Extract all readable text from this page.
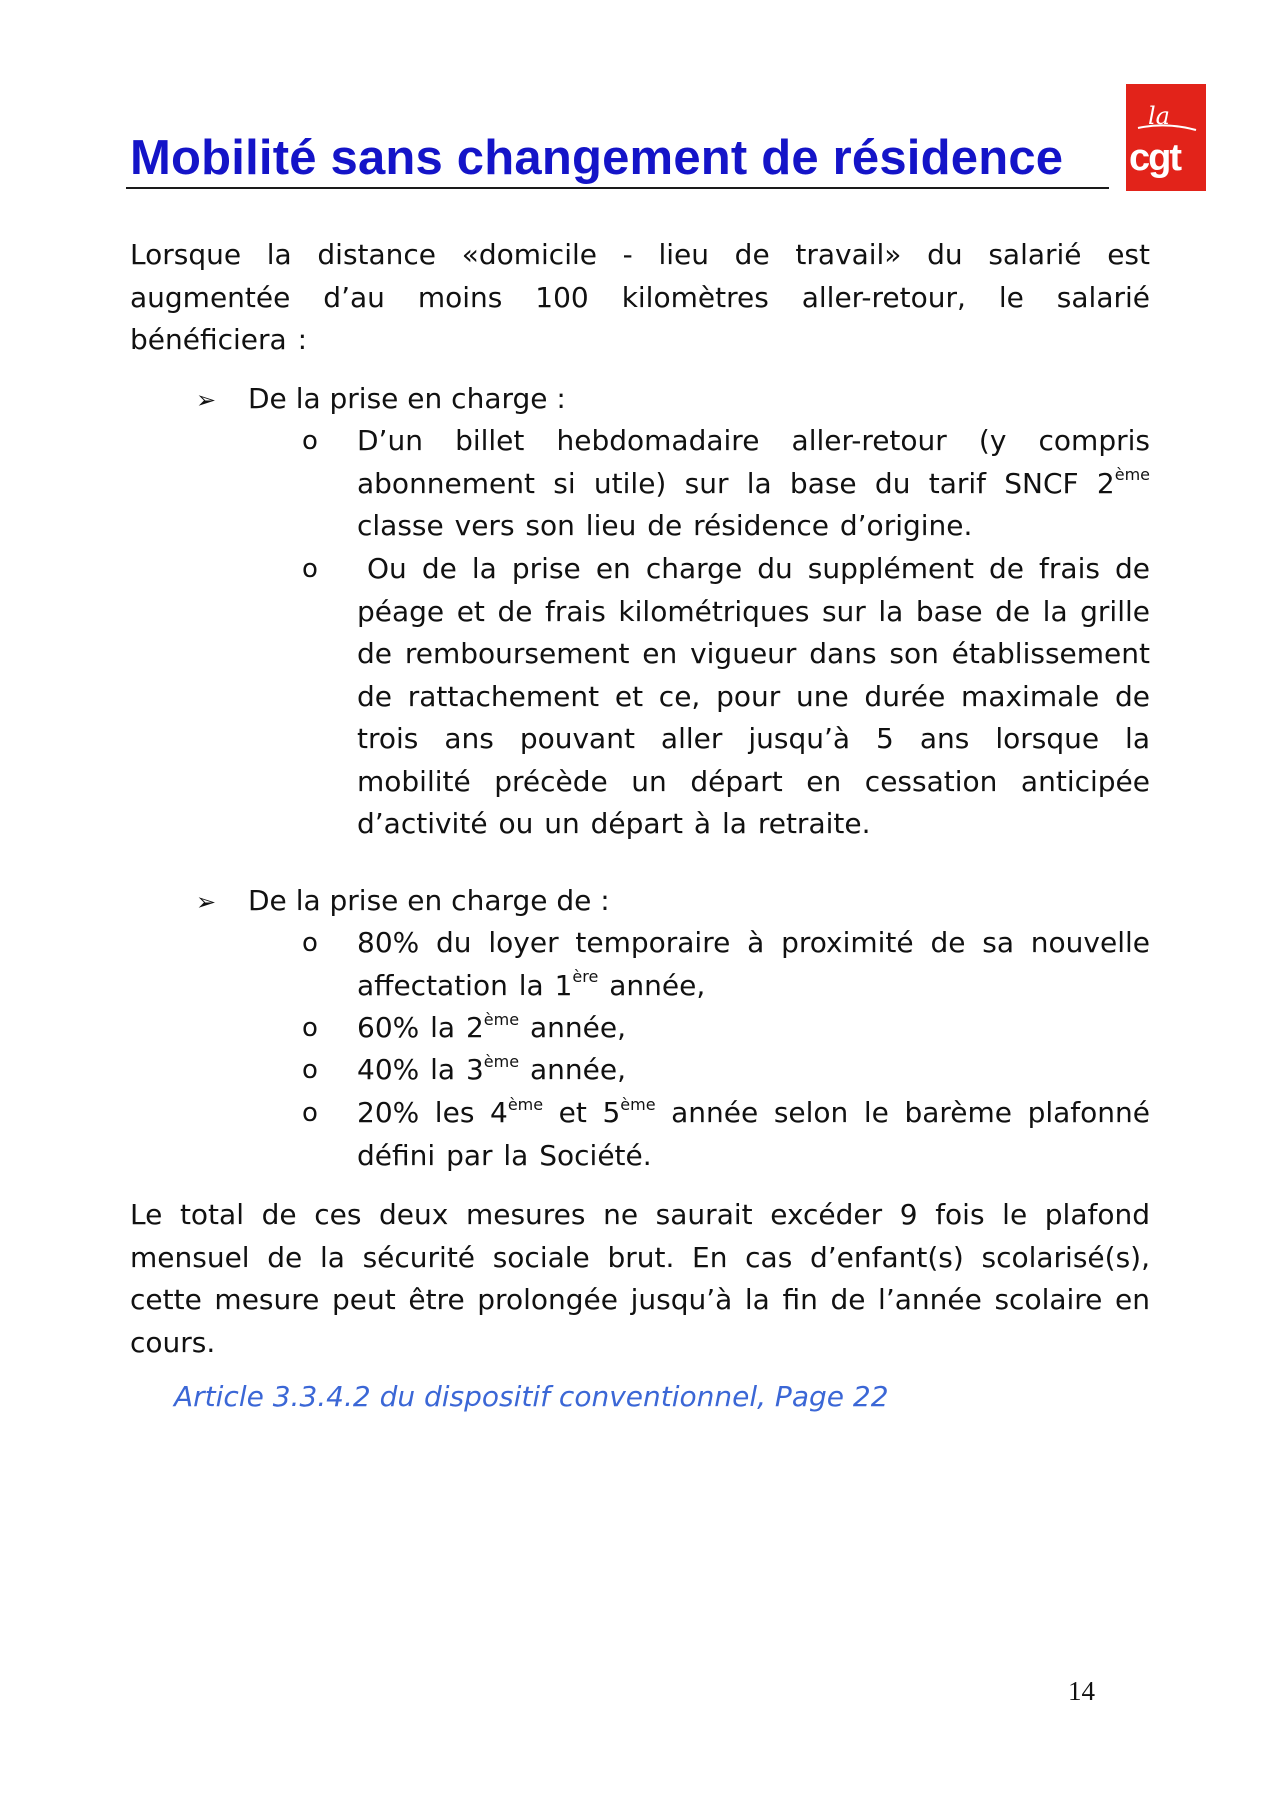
Mobilité sans changement de résidence
la
cgt

Lorsque la distance «domicile - lieu de travail» du salarié est augmentée d’au moins 100 kilomètres aller-retour, le salarié bénéficiera :

➢ De la prise en charge :
o D’un billet hebdomadaire aller-retour (y compris abonnement si utile) sur la base du tarif SNCF 2ème classe vers son lieu de résidence d’origine.
o	Ou de la prise en charge du supplément de frais de péage et de frais kilométriques sur la base de la grille de remboursement en vigueur dans son établissement de rattachement et ce, pour une durée maximale de trois ans pouvant aller jusqu’à 5 ans lorsque la mobilité précède un départ en cessation anticipée d’activité ou un départ à la retraite.
➢ De la prise en charge de :
o 80% du loyer temporaire à proximité de sa nouvelle affectation la 1ère année,
o 60% la 2ème année,
o 40% la 3ème année,
o 20% les 4ème et 5ème année selon le barème plafonné défini par la Société.

Le total de ces deux mesures ne saurait excéder 9 fois le plafond mensuel de la sécurité sociale brut. En cas d’enfant(s) scolarisé(s), cette mesure peut être prolongée jusqu’à la fin de l’année scolaire en cours.

Article 3.3.4.2 du dispositif conventionnel, Page 22
14
